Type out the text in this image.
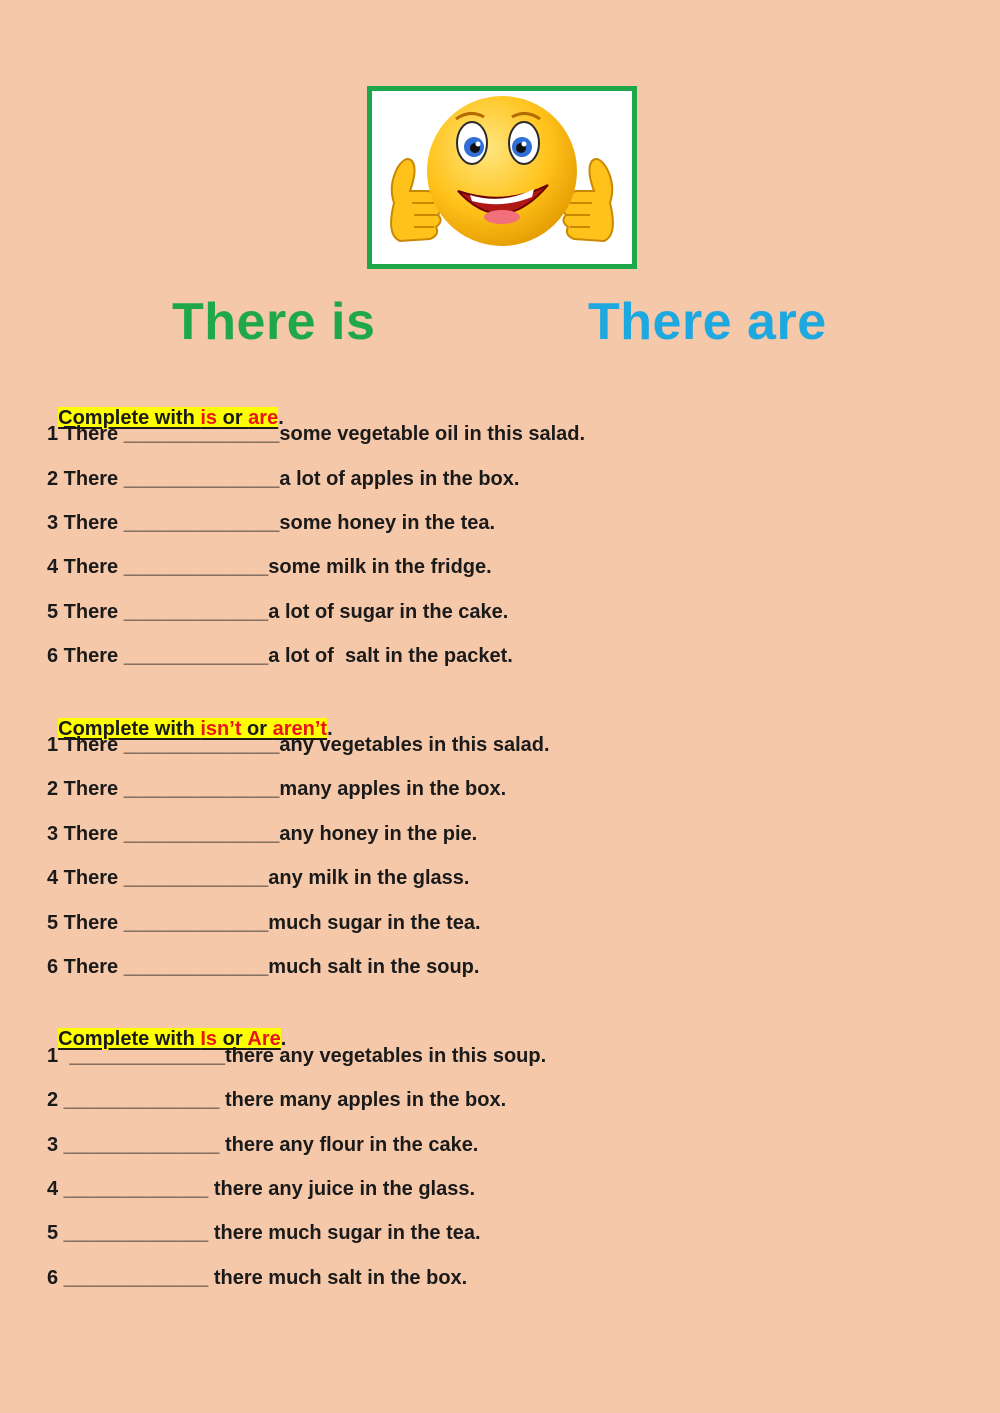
There is	There are

Complete with is or are.

1 There ______________some vegetable oil in this salad.
2 There ______________a lot of apples in the box.
3 There ______________some honey in the tea.
4 There _____________some milk in the fridge.
5 There _____________a lot of sugar in the cake.
6 There _____________a lot of  salt in the packet.

Complete with isn’t or aren’t.

1 There ______________any vegetables in this salad.
2 There ______________many apples in the box.
3 There ______________any honey in the pie.
4 There _____________any milk in the glass.
5 There _____________much sugar in the tea.
6 There _____________much salt in the soup.

Complete with Is or Are.

1  ______________there any vegetables in this soup.
2 ______________ there many apples in the box.
3 ______________ there any flour in the cake.
4 _____________ there any juice in the glass.
5 _____________ there much sugar in the tea.
6 _____________ there much salt in the box.
